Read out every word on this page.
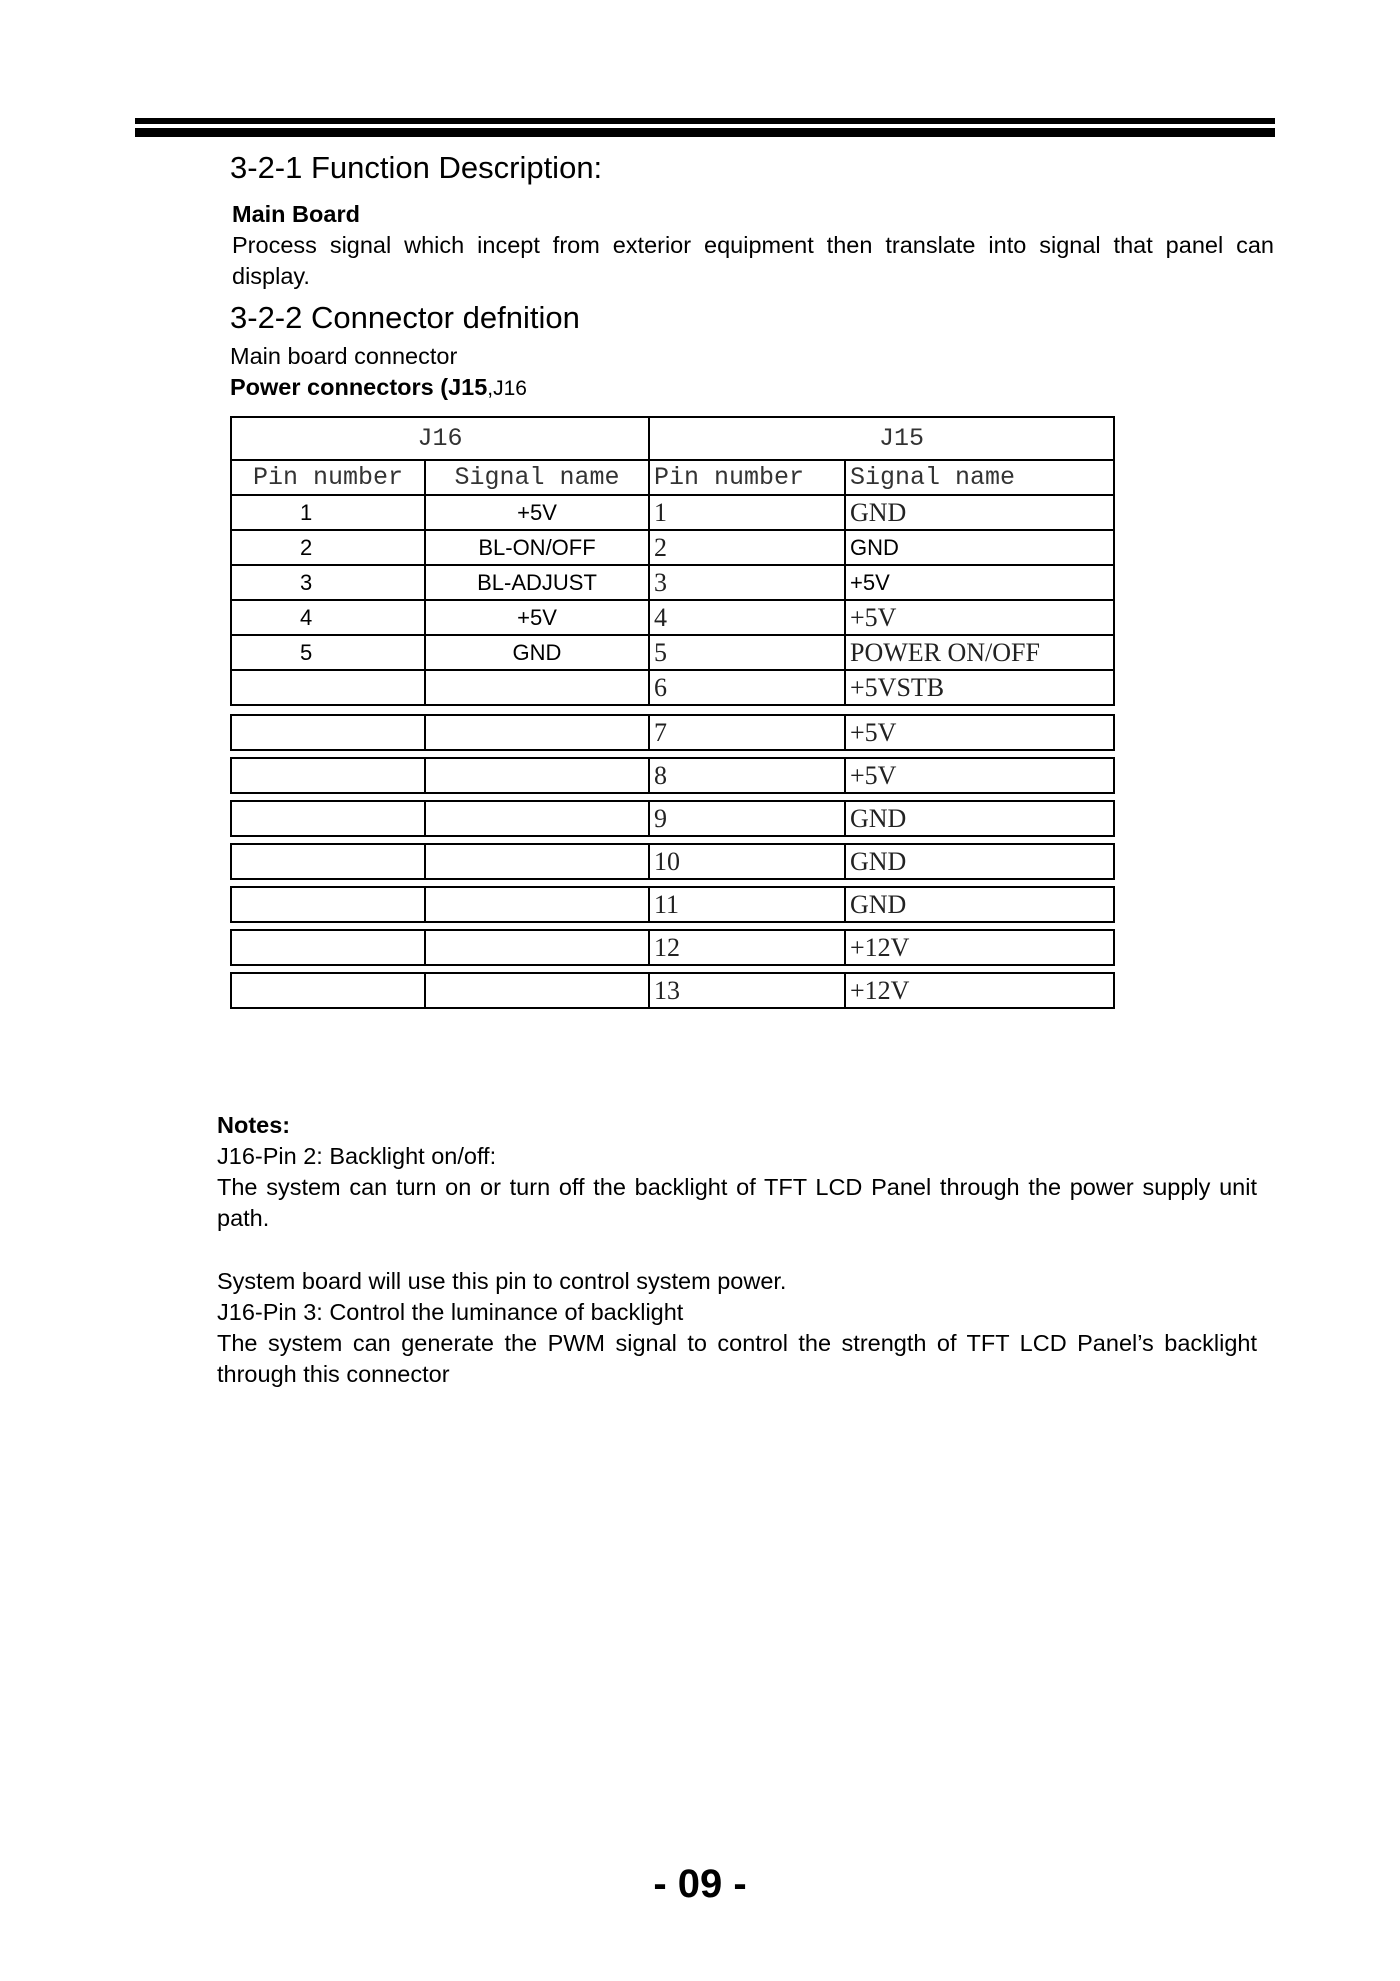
3-2-1 Function Description:
Main Board
Process signal which incept from exterior equipment then translate into signal that panel can display.
3-2-2 Connector defnition
Main board connector
Power connectors (J15,J16
J16		J15	
Pin number	Signal name	Pin number	Signal name
1	+5V	1	GND
2	BL-ON/OFF	2	GND
3	BL-ADJUST	3	+5V
4	+5V	4	+5V
5	GND	5	POWER ON/OFF
		6	+5VSTB
		7	+5V
		8	+5V
		9	GND
		10	GND
		11	GND
		12	+12V
		13	+12V
Notes:
J16-Pin 2: Backlight on/off:
The system can turn on or turn off the backlight of TFT LCD Panel through the power supply unit path.
System board will use this pin to control system power.
J16-Pin 3: Control the luminance of backlight
The system can generate the PWM signal to control the strength of TFT LCD Panel’s backlight through this connector
- 09 -
